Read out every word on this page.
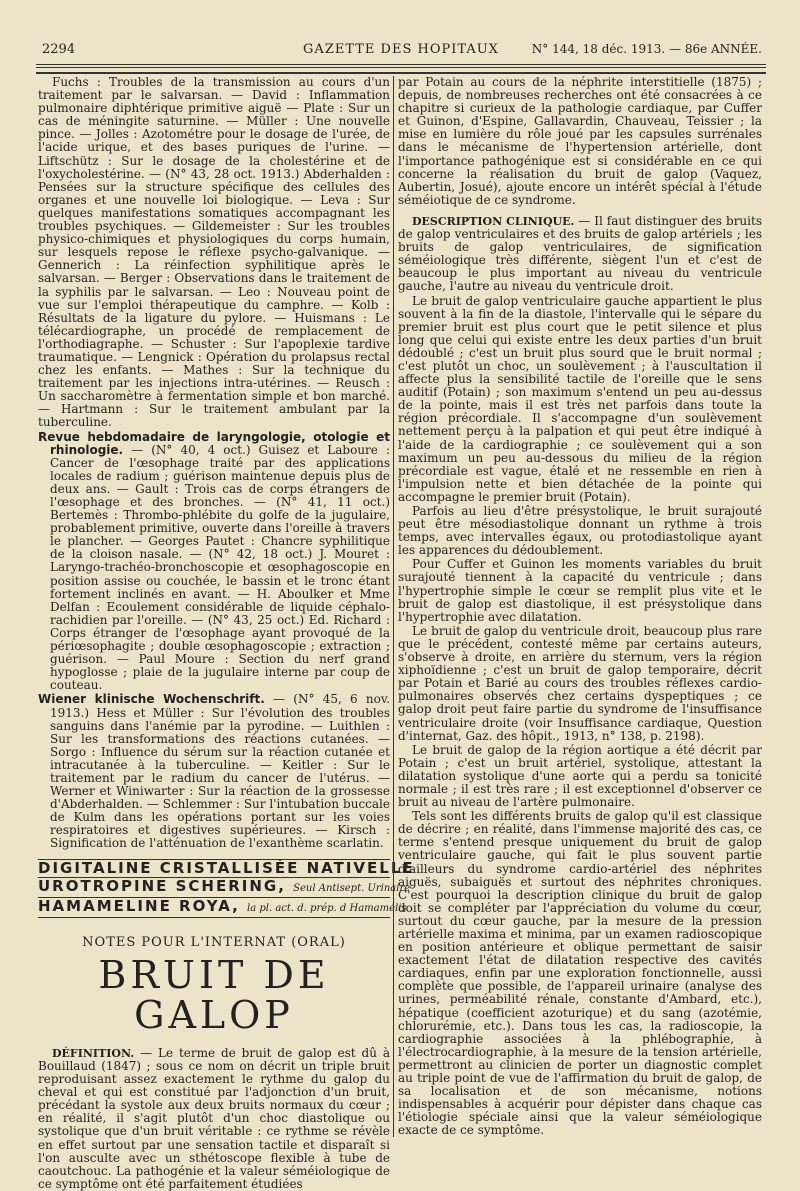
2294	GAZETTE DES HOPITAUX	N° 144, 18 déc. 1913. — 86e ANNÉE.

Fuchs : Troubles de la transmission au cours d'un traitement par le salvarsan. — David : Inflammation pulmonaire diphtérique primitive aiguë — Plate : Sur un cas de méningite saturnine. — Müller : Une nouvelle pince. — Jolles : Azotométre pour le dosage de l'urée, de l'acide urique, et des bases puriques de l'urine. — Liftschütz : Sur le dosage de la cholestérine et de l'oxycholestérine. — (N° 43, 28 oct. 1913.) Abderhalden : Pensées sur la structure spécifique des cellules des organes et une nouvelle loi biologique. — Leva : Sur quelques manifestations somatiques accompagnant les troubles psychiques. — Gildemeister : Sur les troubles physico-chimiques et physiologiques du corps humain, sur lesquels repose le réflexe psycho-galvanique. — Gennerich : La réinfection syphilitique après le salvarsan. — Berger : Observations dans le traitement de la syphilis par le salvarsan. — Leo : Nouveau point de vue sur l'emploi thérapeutique du camphre. — Kolb : Résultats de la ligature du pylore. — Huismans : Le télécardiographe, un procédé de remplacement de l'orthodiagraphe. — Schuster : Sur l'apoplexie tardive traumatique. — Lengnick : Opération du prolapsus rectal chez les enfants. — Mathes : Sur la technique du traitement par les injections intra-utérines. — Reusch : Un saccharomètre à fermentation simple et bon marché. — Hartmann : Sur le traitement ambulant par la tuberculine.

Revue hebdomadaire de laryngologie, otologie et rhinologie. — (N° 40, 4 oct.) Guisez et Laboure : Cancer de l'œsophage traité par des applications locales de radium ; guérison maintenue depuis plus de deux ans. — Gault : Trois cas de corps étrangers de l'œsophage et des bronches. — (N° 41, 11 oct.) Bertemès : Thrombo-phlébite du golfe de la jugulaire, probablement primitive, ouverte dans l'oreille à travers le plancher. — Georges Pautet : Chancre syphilitique de la cloison nasale. — (N° 42, 18 oct.) J. Mouret : Laryngo-trachéo-bronchoscopie et œsophagoscopie en position assise ou couchée, le bassin et le tronc étant fortement inclinés en avant. — H. Aboulker et Mme Delfan : Ecoulement considérable de liquide céphalo-rachidien par l'oreille. — (N° 43, 25 oct.) Ed. Richard : Corps étranger de l'œsophage ayant provoqué de la périœsophagite ; double œsophagoscopie ; extraction ; guérison. — Paul Moure : Section du nerf grand hypoglosse ; plaie de la jugulaire interne par coup de couteau.

Wiener klinische Wochenschrift. — (N° 45, 6 nov. 1913.) Hess et Müller : Sur l'évolution des troubles sanguins dans l'anémie par la pyrodine. — Luithlen : Sur les transformations des réactions cutanées. — Sorgo : Influence du sérum sur la réaction cutanée et intracutanée à la tuberculine. — Keitler : Sur le traitement par le radium du cancer de l'utérus. — Werner et Winiwarter : Sur la réaction de la grossesse d'Abderhalden. — Schlemmer : Sur l'intubation buccale de Kulm dans les opérations portant sur les voies respiratoires et digestives supérieures. — Kirsch : Signification de l'atténuation de l'exanthème scarlatin.

DIGITALINE CRISTALLISÉE NATIVELLE
UROTROPINE SCHERING, Seul Antisept. Urinaire
HAMAMELINE ROYA, la pl. act. d. prép. d Hamamélis
NOTES POUR L'INTERNAT (ORAL)
BRUIT DE GALOP

DÉFINITION. — Le terme de bruit de galop est dû à Bouillaud (1847) ; sous ce nom on décrit un triple bruit reproduisant assez exactement le rythme du galop du cheval et qui est constitué par l'adjonction d'un bruit, précédant la systole aux deux bruits normaux du cœur ; en réalité, il s'agit plutôt d'un choc diastolique ou systolique que d'un bruit véritable : ce rythme se révèle en effet surtout par une sensation tactile et disparaît si l'on ausculte avec un sthétoscope flexible à tube de caoutchouc. La pathogénie et la valeur séméiologique de ce symptôme ont été parfaitement étudiées

par Potain au cours de la néphrite interstitielle (1875) ; depuis, de nombreuses recherches ont été consacrées à ce chapitre si curieux de la pathologie cardiaque, par Cuffer et Guinon, d'Espine, Gallavardin, Chauveau, Teissier ; la mise en lumière du rôle joué par les capsules surrénales dans le mécanisme de l'hypertension artérielle, dont l'importance pathogénique est si considérable en ce qui concerne la réalisation du bruit de galop (Vaquez, Aubertin, Josué), ajoute encore un intérêt spécial à l'étude séméiotique de ce syndrome.

DESCRIPTION CLINIQUE. — Il faut distinguer des bruits de galop ventriculaires et des bruits de galop artériels ; les bruits de galop ventriculaires, de signification séméiologique très différente, siègent l'un et c'est de beaucoup le plus important au niveau du ventricule gauche, l'autre au niveau du ventricule droit.

Le bruit de galop ventriculaire gauche appartient le plus souvent à la fin de la diastole, l'intervalle qui le sépare du premier bruit est plus court que le petit silence et plus long que celui qui existe entre les deux parties d'un bruit dédoublé ; c'est un bruit plus sourd que le bruit normal ; c'est plutôt un choc, un soulèvement ; à l'auscultation il affecte plus la sensibilité tactile de l'oreille que le sens auditif (Potain) ; son maximum s'entend un peu au-dessus de la pointe, mais il est très net parfois dans toute la région précordiale. Il s'accompagne d'un soulèvement nettement perçu à la palpation et qui peut être indiqué à l'aide de la cardiographie ; ce soulèvement qui a son maximum un peu au-dessous du milieu de la région précordiale est vague, étalé et ne ressemble en rien à l'impulsion nette et bien détachée de la pointe qui accompagne le premier bruit (Potain).

Parfois au lieu d'être présystolique, le bruit surajouté peut être mésodiastolique donnant un rythme à trois temps, avec intervalles égaux, ou protodiastolique ayant les apparences du dédoublement.

Pour Cuffer et Guinon les moments variables du bruit surajouté tiennent à la capacité du ventricule ; dans l'hypertrophie simple le cœur se remplit plus vite et le bruit de galop est diastolique, il est présystolique dans l'hypertrophie avec dilatation.

Le bruit de galop du ventricule droit, beaucoup plus rare que le précédent, contesté même par certains auteurs, s'observe à droite, en arrière du sternum, vers la région xiphoïdienne ; c'est un bruit de galop temporaire, décrit par Potain et Barié au cours des troubles réflexes cardio-pulmonaires observés chez certains dyspeptiques ; ce galop droit peut faire partie du syndrome de l'insuffisance ventriculaire droite (voir Insuffisance cardiaque, Question d'internat, Gaz. des hôpit., 1913, n° 138, p. 2198).

Le bruit de galop de la région aortique a été décrit par Potain ; c'est un bruit artériel, systolique, attestant la dilatation systolique d'une aorte qui a perdu sa tonicité normale ; il est très rare ; il est exceptionnel d'observer ce bruit au niveau de l'artère pulmonaire.

Tels sont les différents bruits de galop qu'il est classique de décrire ; en réalité, dans l'immense majorité des cas, ce terme s'entend presque uniquement du bruit de galop ventriculaire gauche, qui fait le plus souvent partie d'ailleurs du syndrome cardio-artériel des néphrites aiguës, subaiguës et surtout des néphrites chroniques. C'est pourquoi la description clinique du bruit de galop doit se compléter par l'appréciation du volume du cœur, surtout du cœur gauche, par la mesure de la pression artérielle maxima et minima, par un examen radioscopique en position antérieure et oblique permettant de saisir exactement l'état de dilatation respective des cavités cardiaques, enfin par une exploration fonctionnelle, aussi complète que possible, de l'appareil urinaire (analyse des urines, perméabilité rénale, constante d'Ambard, etc.), hépatique (coefficient azoturique) et du sang (azotémie, chlorurémie, etc.). Dans tous les cas, la radioscopie, la cardiographie associées à la phlébographie, à l'électrocardiographie, à la mesure de la tension artérielle, permettront au clinicien de porter un diagnostic complet au triple point de vue de l'affirmation du bruit de galop, de sa localisation et de son mécanisme, notions indispensables à acquérir pour dépister dans chaque cas l'étiologie spéciale ainsi que la valeur séméiologique exacte de ce symptôme.
